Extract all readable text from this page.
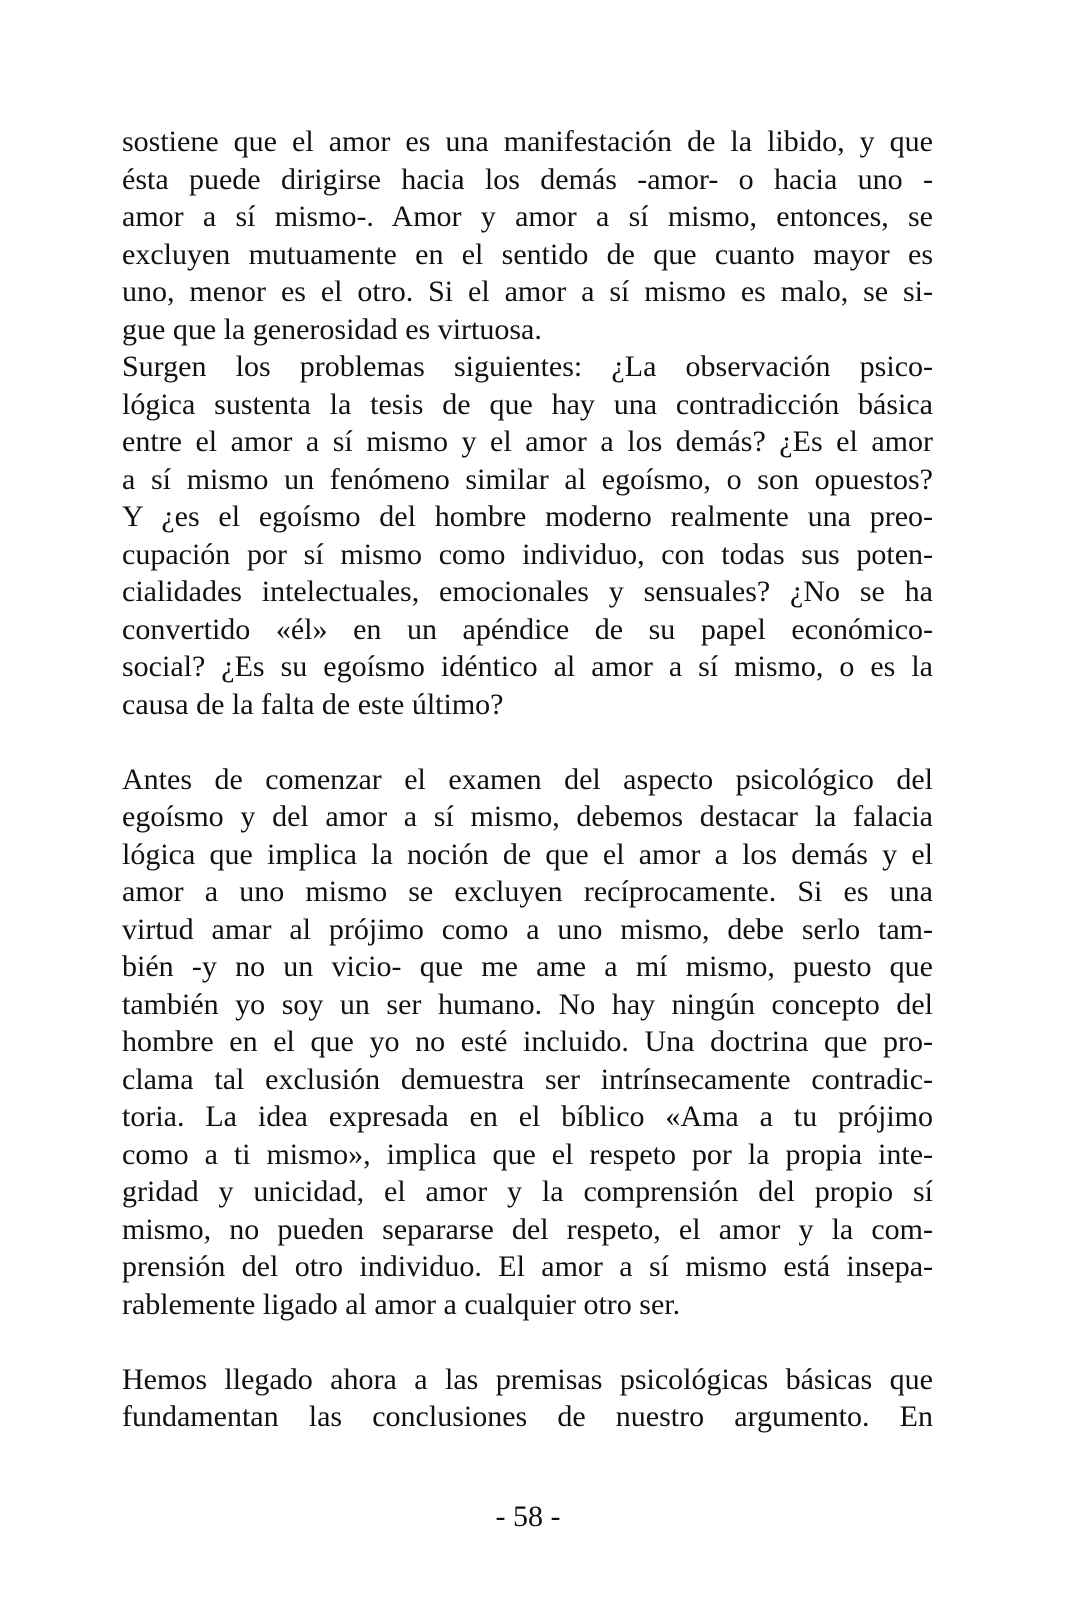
sostiene que el amor es una manifestación de la libido, y que
ésta puede dirigirse hacia los demás -amor- o hacia uno -
amor a sí mismo-. Amor y amor a sí mismo, entonces, se
excluyen mutuamente en el sentido de que cuanto mayor es
uno, menor es el otro. Si el amor a sí mismo es malo, se si-
gue que la generosidad es virtuosa.
Surgen los problemas siguientes: ¿La observación psico-
lógica sustenta la tesis de que hay una contradicción básica
entre el amor a sí mismo y el amor a los demás? ¿Es el amor
a sí mismo un fenómeno similar al egoísmo, o son opuestos?
Y ¿es el egoísmo del hombre moderno realmente una preo-
cupación por sí mismo como individuo, con todas sus poten-
cialidades intelectuales, emocionales y sensuales? ¿No se ha
convertido «él» en un apéndice de su papel económico-
social? ¿Es su egoísmo idéntico al amor a sí mismo, o es la
causa de la falta de este último?
Antes de comenzar el examen del aspecto psicológico del
egoísmo y del amor a sí mismo, debemos destacar la falacia
lógica que implica la noción de que el amor a los demás y el
amor a uno mismo se excluyen recíprocamente. Si es una
virtud amar al prójimo como a uno mismo, debe serlo tam-
bién -y no un vicio- que me ame a mí mismo, puesto que
también yo soy un ser humano. No hay ningún concepto del
hombre en el que yo no esté incluido. Una doctrina que pro-
clama tal exclusión demuestra ser intrínsecamente contradic-
toria. La idea expresada en el bíblico «Ama a tu prójimo
como a ti mismo», implica que el respeto por la propia inte-
gridad y unicidad, el amor y la comprensión del propio sí
mismo, no pueden separarse del respeto, el amor y la com-
prensión del otro individuo. El amor a sí mismo está insepa-
rablemente ligado al amor a cualquier otro ser.
Hemos llegado ahora a las premisas psicológicas básicas que
fundamentan las conclusiones de nuestro argumento. En
- 58 -
